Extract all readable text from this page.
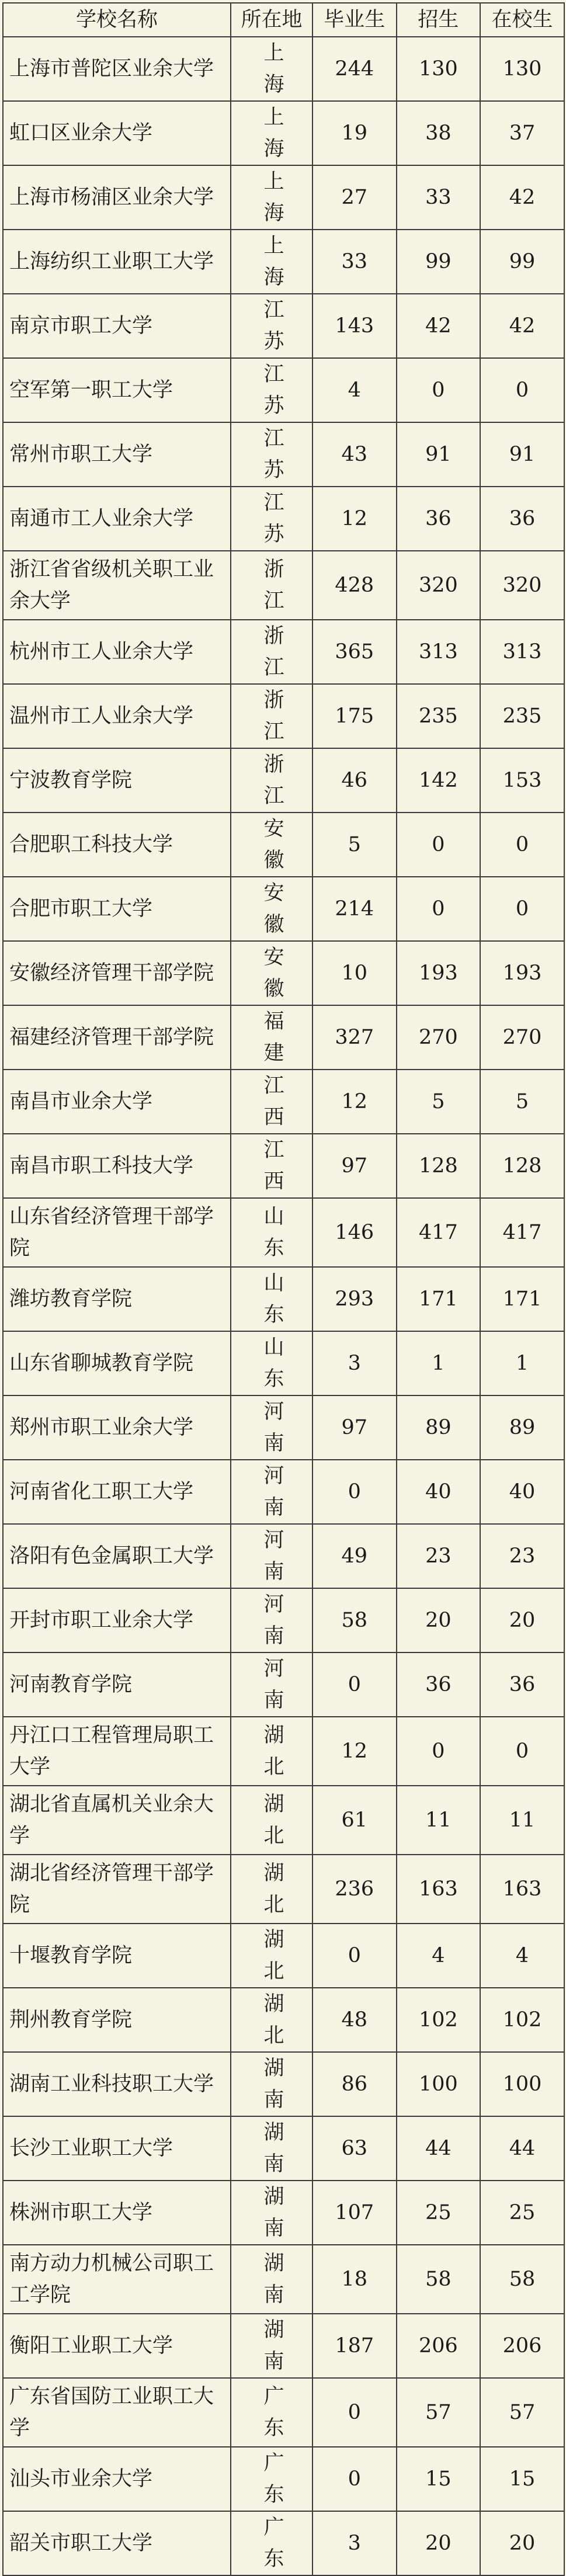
学校名称	所在地	毕业生	招生	在校生
上海市普陀区业余大学	上海	244	130	130
虹口区业余大学	上海	19	38	37
上海市杨浦区业余大学	上海	27	33	42
上海纺织工业职工大学	上海	33	99	99
南京市职工大学	江苏	143	42	42
空军第一职工大学	江苏	4	0	0
常州市职工大学	江苏	43	91	91
南通市工人业余大学	江苏	12	36	36
浙江省省级机关职工业余大学	浙江	428	320	320
杭州市工人业余大学	浙江	365	313	313
温州市工人业余大学	浙江	175	235	235
宁波教育学院	浙江	46	142	153
合肥职工科技大学	安徽	5	0	0
合肥市职工大学	安徽	214	0	0
安徽经济管理干部学院	安徽	10	193	193
福建经济管理干部学院	福建	327	270	270
南昌市业余大学	江西	12	5	5
南昌市职工科技大学	江西	97	128	128
山东省经济管理干部学院	山东	146	417	417
潍坊教育学院	山东	293	171	171
山东省聊城教育学院	山东	3	1	1
郑州市职工业余大学	河南	97	89	89
河南省化工职工大学	河南	0	40	40
洛阳有色金属职工大学	河南	49	23	23
开封市职工业余大学	河南	58	20	20
河南教育学院	河南	0	36	36
丹江口工程管理局职工大学	湖北	12	0	0
湖北省直属机关业余大学	湖北	61	11	11
湖北省经济管理干部学院	湖北	236	163	163
十堰教育学院	湖北	0	4	4
荆州教育学院	湖北	48	102	102
湖南工业科技职工大学	湖南	86	100	100
长沙工业职工大学	湖南	63	44	44
株洲市职工大学	湖南	107	25	25
南方动力机械公司职工工学院	湖南	18	58	58
衡阳工业职工大学	湖南	187	206	206
广东省国防工业职工大学	广东	0	57	57
汕头市业余大学	广东	0	15	15
韶关市职工大学	广东	3	20	20
